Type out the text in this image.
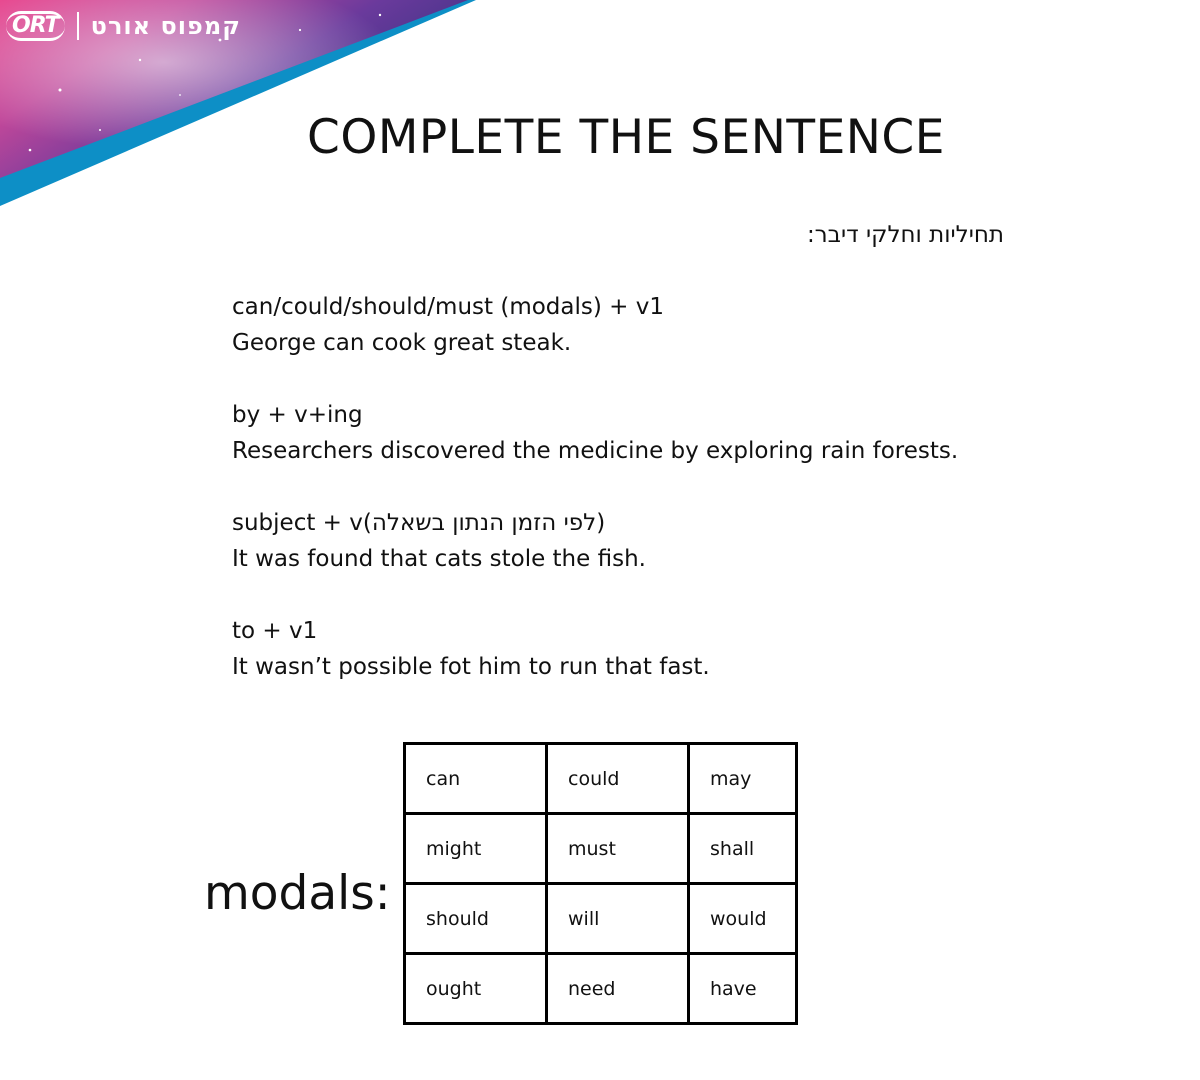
ORT קמפוס אורט
COMPLETE THE SENTENCE
תחיליות וחלקי דיבר:
can/could/should/must (modals) + v1
George can cook great steak.
by + v+ing
Researchers discovered the medicine by exploring rain forests.
subject + v(לפי הזמן הנתון בשאלה)
It was found that cats stole the fish.
to + v1
It wasn’t possible fot him to run that fast.
modals:
can	could	may
might	must	shall
should	will	would
ought	need	have
